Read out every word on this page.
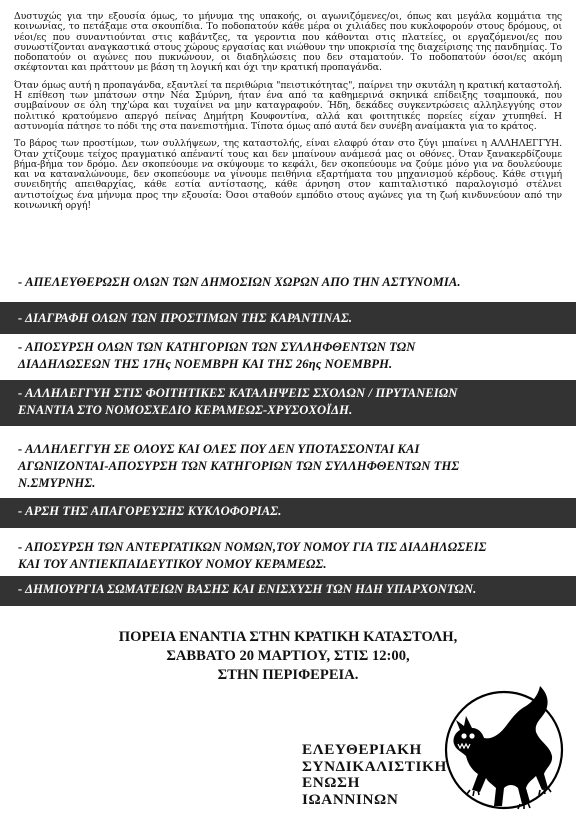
Δυστυχώς για την εξουσία όμως, το μήνυμα της υπακοής, οι αγωνιζόμενες/οι, όπως και μεγάλα κομμάτια της κοινωνίας, το πετάξαμε στα σκουπίδια. Το ποδοπατούν κάθε μέρα οι χιλιάδες που κυκλοφορούν στους δρόμους, οι νέοι/ες που συναντιούνται στις καβάντζες, τα γεροντια που κάθονται στις πλατείες, οι εργαζόμενοι/ες που συνωστίζονται αναγκαστικά στους χώρους εργασίας και νιώθουν την υποκρισία της διαχείρισης της πανδημίας. Το ποδοπατούν οι αγώνες που πυκνώνουν, οι διαδηλώσεις που δεν σταματούν. Το ποδοπατούν όσοι/ες ακόμη σκέφτονται και πράττουν με βάση τη λογική και όχι την κρατική προπαγάνδα.

Όταν όμως αυτή η προπαγάνδα, εξαντλεί τα περιθώρια "πειστικότητας", παίρνει την σκυτάλη η κρατική καταστολή. Η επίθεση των μπάτσων στην Νέα Σμύρνη, ήταν ένα από τα καθημερινά σκηνικά επίδειξης τσαμπουκά, που συμβαίνουν σε όλη τηχ'ώρα και τυχαίνει να μην καταγραφούν. Ήδη, δεκάδες συγκεντρώσεις αλληλεγγύης στον πολιτικό κρατούμενο απεργό πείνας Δημήτρη Κουφοντίνα, αλλά και φοιτητικές πορείες είχαν χτυπηθεί. Η αστυνομία πάτησε το πόδι της στα πανεπιστήμια. Τίποτα όμως από αυτά δεν συνέβη αναίμακτα για το κράτος.

Το βάρος των προστίμων, των συλλήψεων, της καταστολής, είναι ελαφρύ όταν στο ζύγι μπαίνει η ΑΛΛΗΛΕΓΓΥΗ. Όταν χτίζουμε τείχος πραγματικό απέναντί τους και δεν μπαίνουν ανάμεσά μας οι οθόνες. Όταν ξανακερδίζουμε βήμα-βήμα τον δρόμο. Δεν σκοπεύουμε να σκύψουμε το κεφάλι, δεν σκοπεύουμε να ζούμε μόνο για να δουλεύουμε και να καταναλώνουμε, δεν σκοπεύουμε να γίνουμε πειθήνια εξαρτήματα του μηχανισμού κέρδους. Κάθε στιγμή συνειδητής απειθαρχίας, κάθε εστία αντίστασης, κάθε άρνηση στον καπιταλιστικό παραλογισμό στέλνει αντιστοίχως ένα μήνυμα προς την εξουσία: Όσοι σταθούν εμπόδιο στους αγώνες για τη ζωή κινδυνεύουν από την κοινωνική οργή!

- ΑΠΕΛΕΥΘΕΡΩΣΗ ΟΛΩΝ ΤΩΝ ΔΗΜΟΣΙΩΝ ΧΩΡΩΝ ΑΠΟ ΤΗΝ ΑΣΤΥΝΟΜΙΑ.
- ΔΙΑΓΡΑΦΗ ΟΛΩΝ ΤΩΝ ΠΡΟΣΤΙΜΩΝ ΤΗΣ ΚΑΡΑΝΤΙΝΑΣ.
- ΑΠΟΣΥΡΣΗ ΟΛΩΝ ΤΩΝ ΚΑΤΗΓΟΡΙΩΝ ΤΩΝ ΣΥΛΛΗΦΘΕΝΤΩΝ ΤΩΝ
ΔΙΑΔΗΛΩΣΕΩΝ ΤΗΣ 17Ης ΝΟΕΜΒΡΗ ΚΑΙ ΤΗΣ 26ης ΝΟΕΜΒΡΗ.
- ΑΛΛΗΛΕΓΓΥΗ ΣΤΙΣ ΦΟΙΤΗΤΙΚΕΣ ΚΑΤΑΛΗΨΕΙΣ ΣΧΟΛΩΝ / ΠΡΥΤΑΝΕΙΩΝ
ΕΝΑΝΤΙΑ ΣΤΟ ΝΟΜΟΣΧΕΔΙΟ ΚΕΡΑΜΕΩΣ-ΧΡΥΣΟΧΟΪΔΗ.
- ΑΛΛΗΛΕΓΓΥΗ ΣΕ ΟΛΟΥΣ ΚΑΙ ΟΛΕΣ ΠΟΥ ΔΕΝ ΥΠΟΤΑΣΣΟΝΤΑΙ ΚΑΙ
ΑΓΩΝΙΖΟΝΤΑΙ-ΑΠΟΣΥΡΣΗ ΤΩΝ ΚΑΤΗΓΟΡΙΩΝ ΤΩΝ ΣΥΛΛΗΦΘΕΝΤΩΝ ΤΗΣ
Ν.ΣΜΥΡΝΗΣ.
- ΑΡΣΗ ΤΗΣ ΑΠΑΓΟΡΕΥΣΗΣ ΚΥΚΛΟΦΟΡΙΑΣ.
- ΑΠΟΣΥΡΣΗ ΤΩΝ ΑΝΤΕΡΓΑΤΙΚΩΝ ΝΟΜΩΝ,ΤΟΥ ΝΟΜΟΥ ΓΙΑ ΤΙΣ ΔΙΑΔΗΛΩΣΕΙΣ
ΚΑΙ ΤΟΥ ΑΝΤΙΕΚΠΑΙΔΕΥΤΙΚΟΥ ΝΟΜΟΥ ΚΕΡΑΜΕΩΣ.
- ΔΗΜΙΟΥΡΓΙΑ ΣΩΜΑΤΕΙΩΝ ΒΑΣΗΣ ΚΑΙ ΕΝΙΣΧΥΣΗ ΤΩΝ ΗΔΗ ΥΠΑΡΧΟΝΤΩΝ.
ΠΟΡΕΙΑ ΕΝΑΝΤΙΑ ΣΤΗΝ ΚΡΑΤΙΚΗ ΚΑΤΑΣΤΟΛΗ,
ΣΑΒΒΑΤΟ 20 ΜΑΡΤΙΟΥ, ΣΤΙΣ 12:00,
ΣΤΗΝ ΠΕΡΙΦΕΡΕΙΑ.
ΕΛΕΥΘΕΡΙΑΚΗ
ΣΥΝΔΙΚΑΛΙΣΤΙΚΗ
ΕΝΩΣΗ
ΙΩΑΝΝΙΝΩΝ
